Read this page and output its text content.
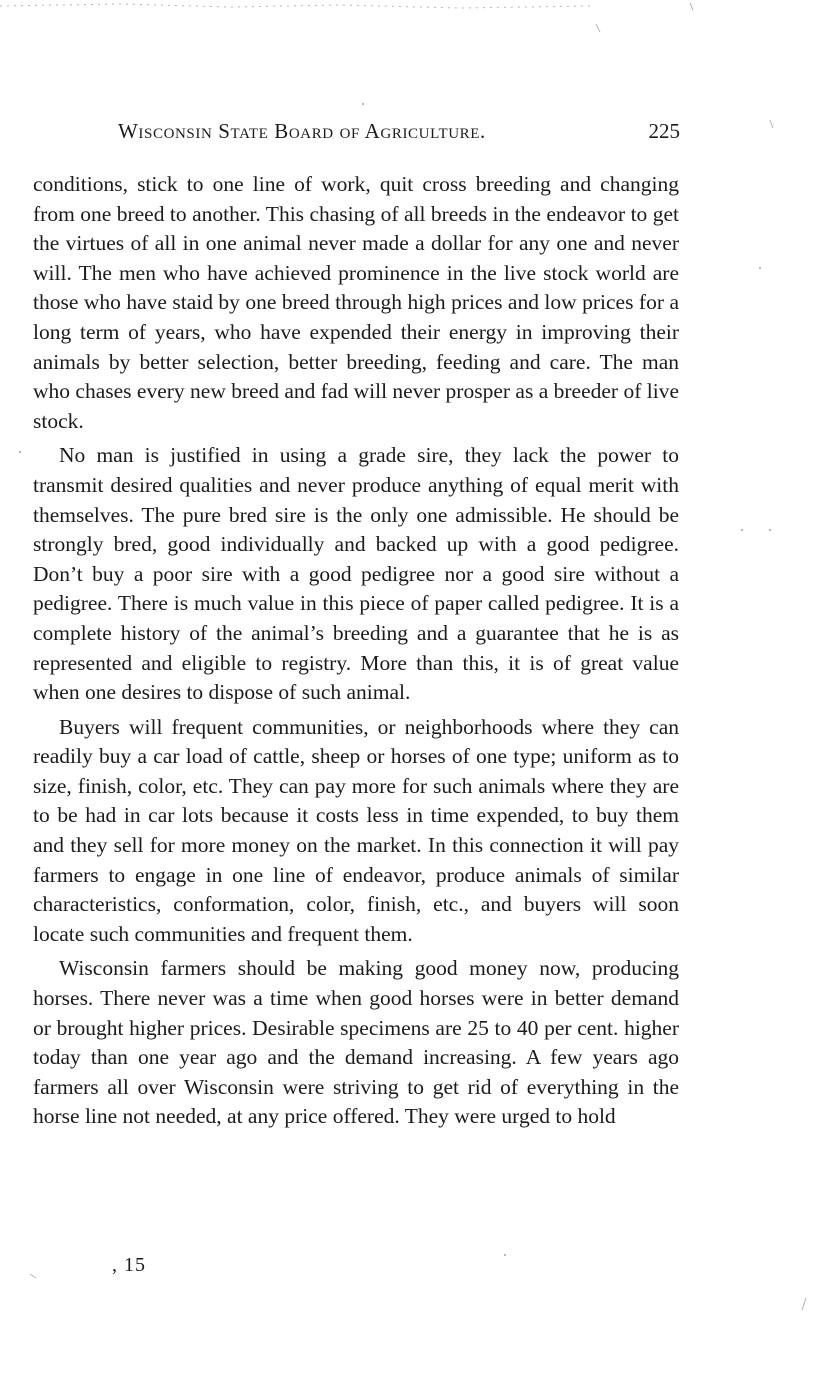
Wisconsin State Board of Agriculture.	225

conditions, stick to one line of work, quit cross breeding and changing from one breed to another. This chasing of all breeds in the endeavor to get the virtues of all in one animal never made a dollar for any one and never will. The men who have achieved prominence in the live stock world are those who have staid by one breed through high prices and low prices for a long term of years, who have expended their energy in improving their animals by better selection, better breeding, feeding and care. The man who chases every new breed and fad will never prosper as a breeder of live stock.

No man is justified in using a grade sire, they lack the power to transmit desired qualities and never produce anything of equal merit with themselves. The pure bred sire is the only one admissible. He should be strongly bred, good individually and backed up with a good pedigree. Don’t buy a poor sire with a good pedigree nor a good sire without a pedigree. There is much value in this piece of paper called pedigree. It is a complete history of the animal’s breeding and a guarantee that he is as represented and eligible to registry. More than this, it is of great value when one desires to dispose of such animal.

Buyers will frequent communities, or neighborhoods where they can readily buy a car load of cattle, sheep or horses of one type; uniform as to size, finish, color, etc. They can pay more for such animals where they are to be had in car lots because it costs less in time expended, to buy them and they sell for more money on the market. In this connection it will pay farmers to engage in one line of endeavor, produce animals of similar characteristics, conformation, color, finish, etc., and buyers will soon locate such communities and frequent them.

Wisconsin farmers should be making good money now, producing horses. There never was a time when good horses were in better demand or brought higher prices. Desirable specimens are 25 to 40 per cent. higher today than one year ago and the demand increasing. A few years ago farmers all over Wisconsin were striving to get rid of everything in the horse line not needed, at any price offered. They were urged to hold

, 15
